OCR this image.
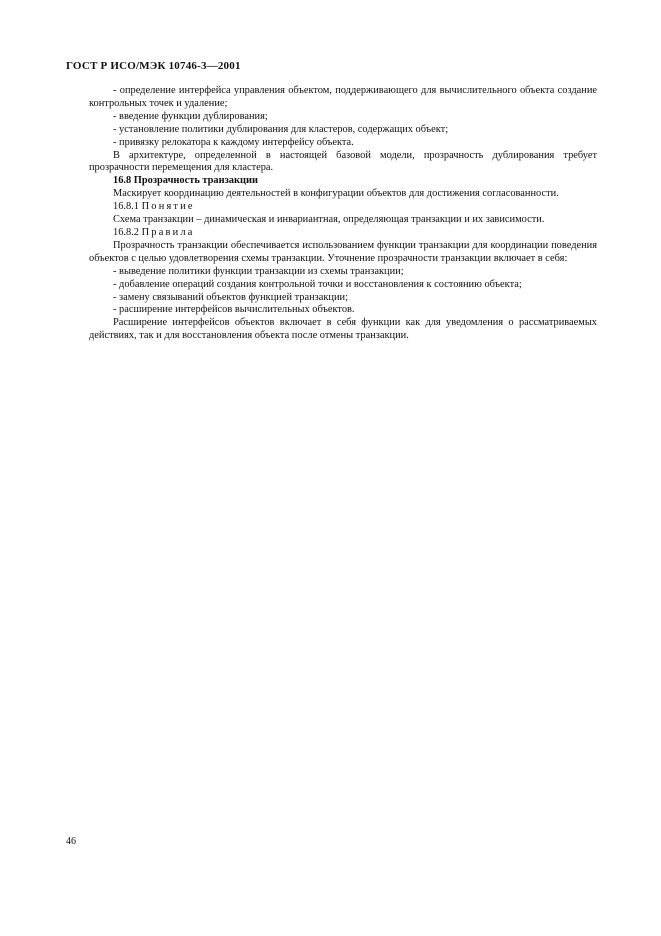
ГОСТ Р ИСО/МЭК 10746-3—2001

- определение интерфейса управления объектом, поддерживающего для вычислительного объекта создание контрольных точек и удаление;

- введение функции дублирования;

- установление политики дублирования для кластеров, содержащих объект;

- привязку релокатора к каждому интерфейсу объекта.

В архитектуре, определенной в настоящей базовой модели, прозрачность дублирования требует прозрачности перемещения для кластера.

16.8 Прозрачность транзакции

Маскирует координацию деятельностей в конфигурации объектов для достижения согласованности.

16.8.1 Понятие

Схема транзакции – динамическая и инвариантная, определяющая транзакции и их зависимости.

16.8.2 Правила

Прозрачность транзакции обеспечивается использованием функции транзакции для координации поведения объектов с целью удовлетворения схемы транзакции. Уточнение прозрачности транзакции включает в себя:

- выведение политики функции транзакции из схемы транзакции;

- добавление операций создания контрольной точки и восстановления к состоянию объекта;

- замену связываний объектов функцией транзакции;

- расширение интерфейсов вычислительных объектов.

Расширение интерфейсов объектов включает в себя функции как для уведомления о рассматриваемых действиях, так и для восстановления объекта после отмены транзакции.

46
